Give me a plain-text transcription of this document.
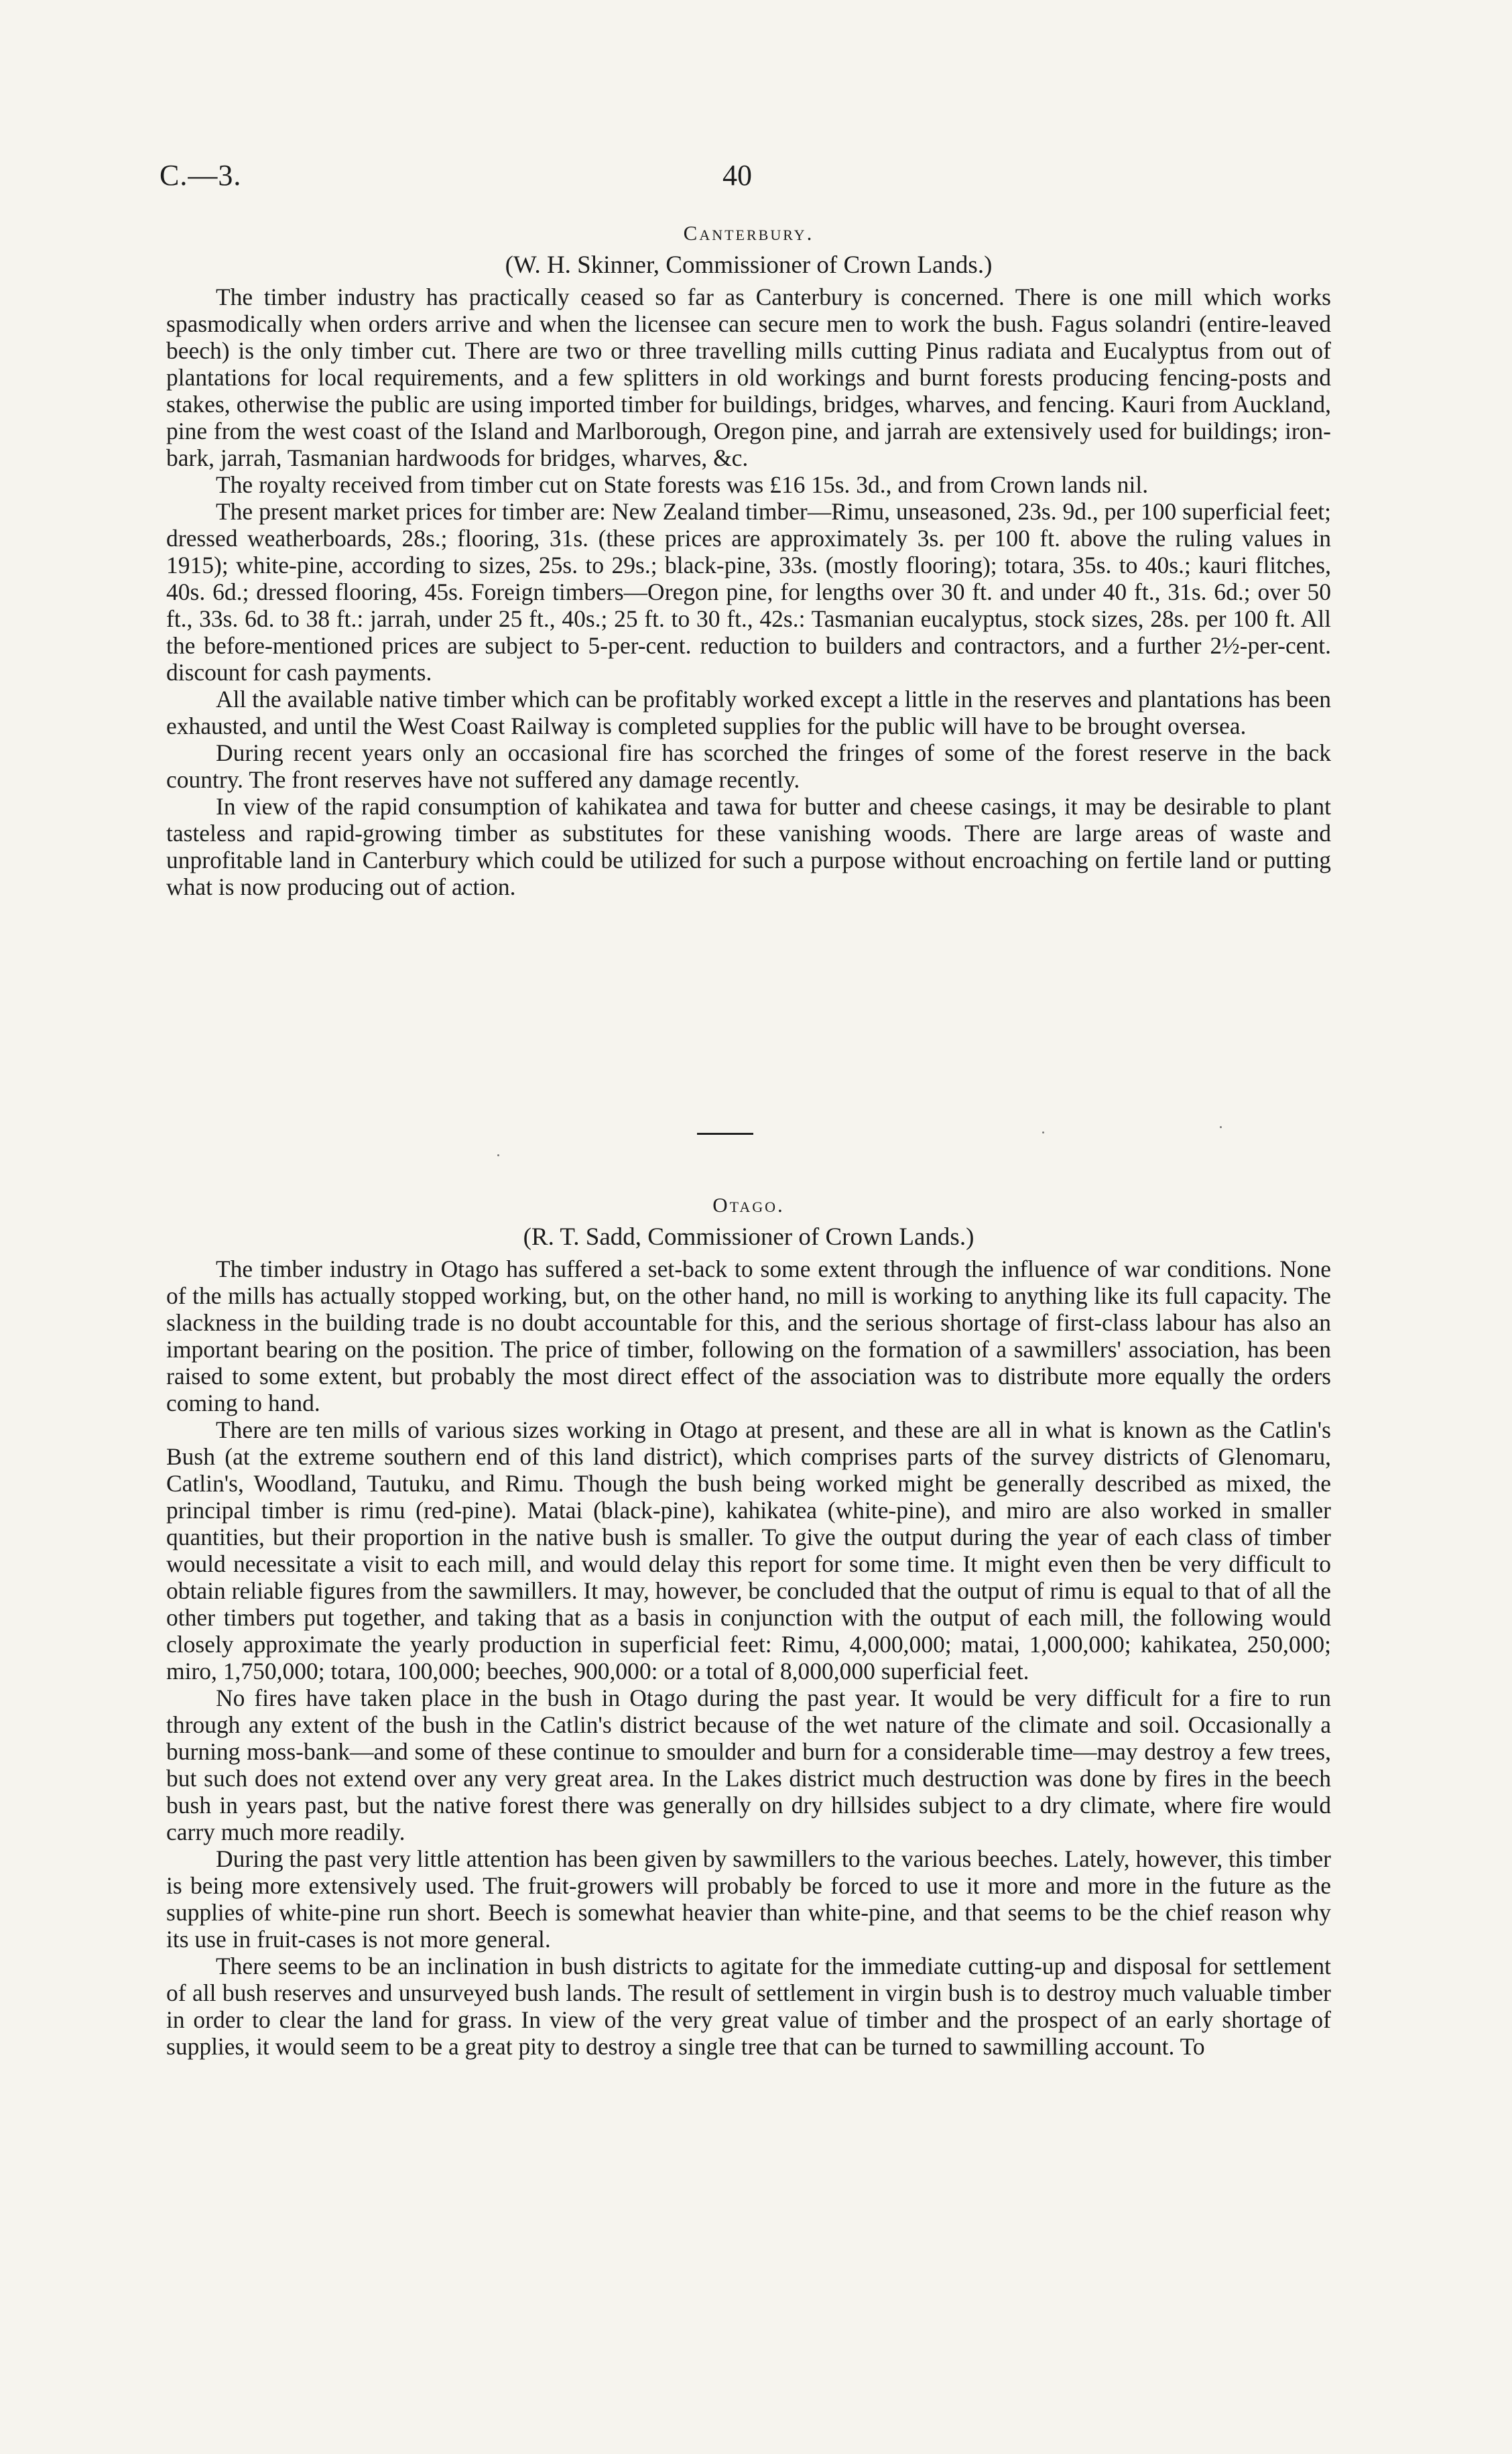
C.—3.	40
Canterbury.
(W. H. Skinner, Commissioner of Crown Lands.)

The timber industry has practically ceased so far as Canterbury is concerned. There is one mill which works spasmodically when orders arrive and when the licensee can secure men to work the bush. Fagus solandri (entire-leaved beech) is the only timber cut. There are two or three travelling mills cutting Pinus radiata and Eucalyptus from out of plantations for local requirements, and a few splitters in old workings and burnt forests producing fencing-posts and stakes, otherwise the public are using imported timber for buildings, bridges, wharves, and fencing. Kauri from Auckland, pine from the west coast of the Island and Marlborough, Oregon pine, and jarrah are extensively used for buildings; iron-bark, jarrah, Tasmanian hardwoods for bridges, wharves, &c.

The royalty received from timber cut on State forests was £16 15s. 3d., and from Crown lands nil.

The present market prices for timber are: New Zealand timber—Rimu, unseasoned, 23s. 9d., per 100 superficial feet; dressed weatherboards, 28s.; flooring, 31s. (these prices are approximately 3s. per 100 ft. above the ruling values in 1915); white-pine, according to sizes, 25s. to 29s.; black-pine, 33s. (mostly flooring); totara, 35s. to 40s.; kauri flitches, 40s. 6d.; dressed flooring, 45s. Foreign timbers—Oregon pine, for lengths over 30 ft. and under 40 ft., 31s. 6d.; over 50 ft., 33s. 6d. to 38 ft.: jarrah, under 25 ft., 40s.; 25 ft. to 30 ft., 42s.: Tasmanian eucalyptus, stock sizes, 28s. per 100 ft. All the before-mentioned prices are subject to 5-per-cent. reduction to builders and contractors, and a further 2½-per-cent. discount for cash payments.

All the available native timber which can be profitably worked except a little in the reserves and plantations has been exhausted, and until the West Coast Railway is completed supplies for the public will have to be brought oversea.

During recent years only an occasional fire has scorched the fringes of some of the forest reserve in the back country. The front reserves have not suffered any damage recently.

In view of the rapid consumption of kahikatea and tawa for butter and cheese casings, it may be desirable to plant tasteless and rapid-growing timber as substitutes for these vanishing woods. There are large areas of waste and unprofitable land in Canterbury which could be utilized for such a purpose without encroaching on fertile land or putting what is now producing out of action.

Otago.
(R. T. Sadd, Commissioner of Crown Lands.)

The timber industry in Otago has suffered a set-back to some extent through the influence of war conditions. None of the mills has actually stopped working, but, on the other hand, no mill is working to anything like its full capacity. The slackness in the building trade is no doubt accountable for this, and the serious shortage of first-class labour has also an important bearing on the position. The price of timber, following on the formation of a sawmillers' association, has been raised to some extent, but probably the most direct effect of the association was to distribute more equally the orders coming to hand.

There are ten mills of various sizes working in Otago at present, and these are all in what is known as the Catlin's Bush (at the extreme southern end of this land district), which comprises parts of the survey districts of Glenomaru, Catlin's, Woodland, Tautuku, and Rimu. Though the bush being worked might be generally described as mixed, the principal timber is rimu (red-pine). Matai (black-pine), kahikatea (white-pine), and miro are also worked in smaller quantities, but their proportion in the native bush is smaller. To give the output during the year of each class of timber would necessitate a visit to each mill, and would delay this report for some time. It might even then be very difficult to obtain reliable figures from the sawmillers. It may, however, be concluded that the output of rimu is equal to that of all the other timbers put together, and taking that as a basis in conjunction with the output of each mill, the following would closely approximate the yearly production in superficial feet: Rimu, 4,000,000; matai, 1,000,000; kahikatea, 250,000; miro, 1,750,000; totara, 100,000; beeches, 900,000: or a total of 8,000,000 superficial feet.

No fires have taken place in the bush in Otago during the past year. It would be very difficult for a fire to run through any extent of the bush in the Catlin's district because of the wet nature of the climate and soil. Occasionally a burning moss-bank—and some of these continue to smoulder and burn for a considerable time—may destroy a few trees, but such does not extend over any very great area. In the Lakes district much destruction was done by fires in the beech bush in years past, but the native forest there was generally on dry hillsides subject to a dry climate, where fire would carry much more readily.

During the past very little attention has been given by sawmillers to the various beeches. Lately, however, this timber is being more extensively used. The fruit-growers will probably be forced to use it more and more in the future as the supplies of white-pine run short. Beech is somewhat heavier than white-pine, and that seems to be the chief reason why its use in fruit-cases is not more general.

There seems to be an inclination in bush districts to agitate for the immediate cutting-up and disposal for settlement of all bush reserves and unsurveyed bush lands. The result of settlement in virgin bush is to destroy much valuable timber in order to clear the land for grass. In view of the very great value of timber and the prospect of an early shortage of supplies, it would seem to be a great pity to destroy a single tree that can be turned to sawmilling account. To
